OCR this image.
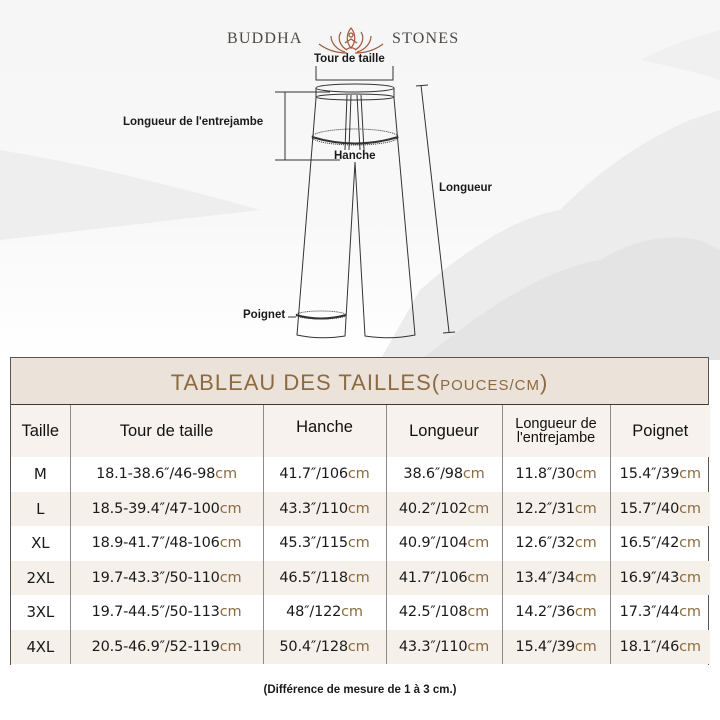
BUDDHA	STONES
Tour de taille
Longueur de l'entrejambe
Hanche
Longueur
Poignet
TABLEAU DES TAILLES(POUCES/CM)
Taille	Tour de taille	Hanche	Longueur	Longueur de
l'entrejambe	Poignet
M	18.1-38.6″/46-98cm	41.7″/106cm	38.6″/98cm	11.8″/30cm	15.4″/39cm
L	18.5-39.4″/47-100cm	43.3″/110cm	40.2″/102cm	12.2″/31cm	15.7″/40cm
XL	18.9-41.7″/48-106cm	45.3″/115cm	40.9″/104cm	12.6″/32cm	16.5″/42cm
2XL	19.7-43.3″/50-110cm	46.5″/118cm	41.7″/106cm	13.4″/34cm	16.9″/43cm
3XL	19.7-44.5″/50-113cm	48″/122cm	42.5″/108cm	14.2″/36cm	17.3″/44cm
4XL	20.5-46.9″/52-119cm	50.4″/128cm	43.3″/110cm	15.4″/39cm	18.1″/46cm
(Différence de mesure de 1 à 3 cm.)
